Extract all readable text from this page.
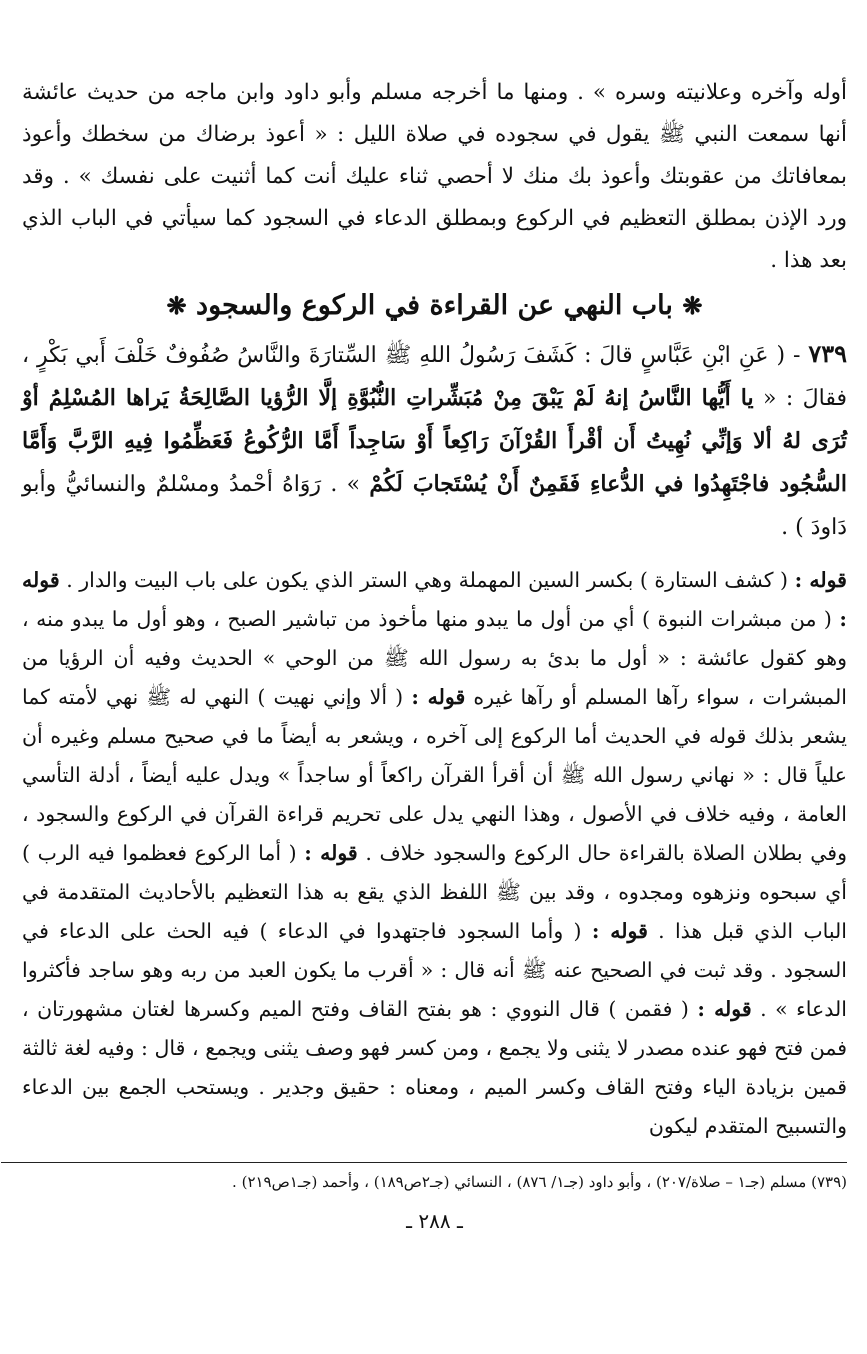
أوله وآخره وعلانيته وسره » . ومنها ما أخرجه مسلم وأبو داود وابن ماجه من حديث عائشة أنها سمعت النبي ﷺ يقول في سجوده في صلاة الليل : « أعوذ برضاك من سخطك وأعوذ بمعافاتك من عقوبتك وأعوذ بك منك لا أحصي ثناء عليك أنت كما أثنيت على نفسك » . وقد ورد الإذن بمطلق التعظيم في الركوع وبمطلق الدعاء في السجود كما سيأتي في الباب الذي بعد هذا .

❋ باب النهي عن القراءة في الركوع والسجود ❋

٧٣٩ - ( عَنِ ابْنِ عَبَّاسٍ قالَ : كَشَفَ رَسُولُ اللهِ ﷺ السِّتارَةَ والنَّاسُ صُفُوفٌ خَلْفَ أَبي بَكْرٍ ، فقالَ : « يا أَيُّها النَّاسُ إنهُ لَمْ يَبْقَ مِنْ مُبَشِّراتِ النُّبُوَّةِ إلَّا الرُّؤيا الصَّالِحَةُ يَراها المُسْلِمُ أوْ تُرَى لهُ ألا وَإنِّي نُهِيتُ أَن أقْرأَ القُرْآنَ رَاكِعاً أَوْ سَاجِداً أَمَّا الرُّكُوعُ فَعَظِّمُوا فِيهِ الرَّبَّ وَأَمَّا السُّجُود فاجْتَهِدُوا في الدُّعاءِ فَقَمِنٌ أَنْ يُسْتَجابَ لَكُمْ » . رَوَاهُ أحْمدُ ومسْلمٌ والنسائيُّ وأبو دَاودَ ) .

قوله : ( كشف الستارة ) بكسر السين المهملة وهي الستر الذي يكون على باب البيت والدار . قوله : ( من مبشرات النبوة ) أي من أول ما يبدو منها مأخوذ من تباشير الصبح ، وهو أول ما يبدو منه ، وهو كقول عائشة : « أول ما بدئ به رسول الله ﷺ من الوحي » الحديث وفيه أن الرؤيا من المبشرات ، سواء رآها المسلم أو رآها غيره قوله : ( ألا وإني نهيت ) النهي له ﷺ نهي لأمته كما يشعر بذلك قوله في الحديث أما الركوع إلى آخره ، ويشعر به أيضاً ما في صحيح مسلم وغيره أن علياً قال : « نهاني رسول الله ﷺ أن أقرأ القرآن راكعاً أو ساجداً » ويدل عليه أيضاً ، أدلة التأسي العامة ، وفيه خلاف في الأصول ، وهذا النهي يدل على تحريم قراءة القرآن في الركوع والسجود ، وفي بطلان الصلاة بالقراءة حال الركوع والسجود خلاف . قوله : ( أما الركوع فعظموا فيه الرب ) أي سبحوه ونزهوه ومجدوه ، وقد بين ﷺ اللفظ الذي يقع به هذا التعظيم بالأحاديث المتقدمة في الباب الذي قبل هذا . قوله : ( وأما السجود فاجتهدوا في الدعاء ) فيه الحث على الدعاء في السجود . وقد ثبت في الصحيح عنه ﷺ أنه قال : « أقرب ما يكون العبد من ربه وهو ساجد فأكثروا الدعاء » . قوله : ( فقمن ) قال النووي : هو بفتح القاف وفتح الميم وكسرها لغتان مشهورتان ، فمن فتح فهو عنده مصدر لا يثنى ولا يجمع ، ومن كسر فهو وصف يثنى ويجمع ، قال : وفيه لغة ثالثة قمين بزيادة الياء وفتح القاف وكسر الميم ، ومعناه : حقيق وجدير . ويستحب الجمع بين الدعاء والتسبيح المتقدم ليكون

(٧٣٩) مسلم (جـ١ – صلاة/٢٠٧) ، وأبو داود (جـ١/ ٨٧٦) ، النسائي (جـ٢ص١٨٩) ، وأحمد (جـ١ص٢١٩) .

ـ ٢٨٨ ـ
